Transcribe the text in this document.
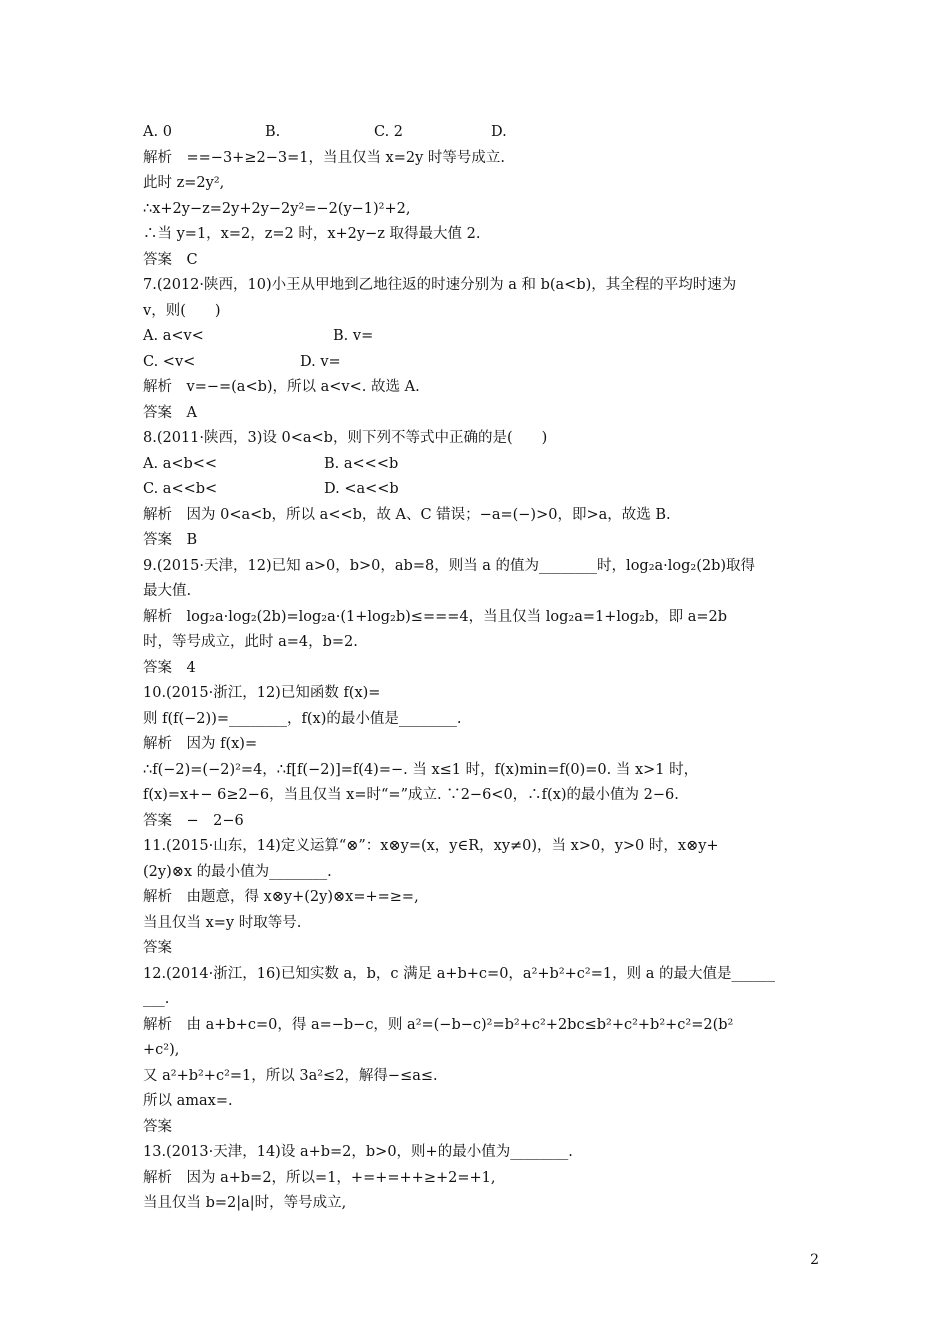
A. 0	B.	C. 2	D.
解析　==−3+≥2−3=1，当且仅当 x=2y 时等号成立.
此时 z=2y²,
∴x+2y−z=2y+2y−2y²=−2(y−1)²+2,
∴当 y=1，x=2，z=2 时，x+2y−z 取得最大值 2.
答案　C
7.(2012·陕西，10)小王从甲地到乙地往返的时速分别为 a 和 b(a<b)，其全程的平均时速为
v，则(　　)
A. a<v<	B. v=
C. <v<	D. v=
解析　v=−=(a<b)，所以 a<v<. 故选 A.
答案　A
8.(2011·陕西，3)设 0<a<b，则下列不等式中正确的是(　　)
A. a<b<<	B. a<<<b
C. a<<b<	D. <a<<b
解析　因为 0<a<b，所以 a<<b，故 A、C 错误；−a=(−)>0，即>a，故选 B.
答案　B
9.(2015·天津，12)已知 a>0，b>0，ab=8，则当 a 的值为________时，log₂a·log₂(2b)取得
最大值.
解析　log₂a·log₂(2b)=log₂a·(1+log₂b)≤===4，当且仅当 log₂a=1+log₂b，即 a=2b
时，等号成立，此时 a=4，b=2.
答案　4
10.(2015·浙江，12)已知函数 f(x)=
则 f(f(−2))=________，f(x)的最小值是________.
解析　因为 f(x)=
∴f(−2)=(−2)²=4，∴f[f(−2)]=f(4)=−. 当 x≤1 时，f(x)min=f(0)=0. 当 x>1 时，
f(x)=x+− 6≥2−6，当且仅当 x=时“=”成立. ∵2−6<0，∴f(x)的最小值为 2−6.
答案　−　2−6
11.(2015·山东，14)定义运算“⊗”：x⊗y=(x，y∈R，xy≠0)，当 x>0，y>0 时，x⊗y+
(2y)⊗x 的最小值为________.
解析　由题意，得 x⊗y+(2y)⊗x=+=≥=,
当且仅当 x=y 时取等号.
答案
12.(2014·浙江，16)已知实数 a，b，c 满足 a+b+c=0，a²+b²+c²=1，则 a 的最大值是______
___.
解析　由 a+b+c=0，得 a=−b−c，则 a²=(−b−c)²=b²+c²+2bc≤b²+c²+b²+c²=2(b²
+c²),
又 a²+b²+c²=1，所以 3a²≤2，解得−≤a≤.
所以 amax=.
答案
13.(2013·天津，14)设 a+b=2，b>0，则+的最小值为________.
解析　因为 a+b=2，所以=1，+=+=++≥+2=+1,
当且仅当 b=2|a|时，等号成立,
2
